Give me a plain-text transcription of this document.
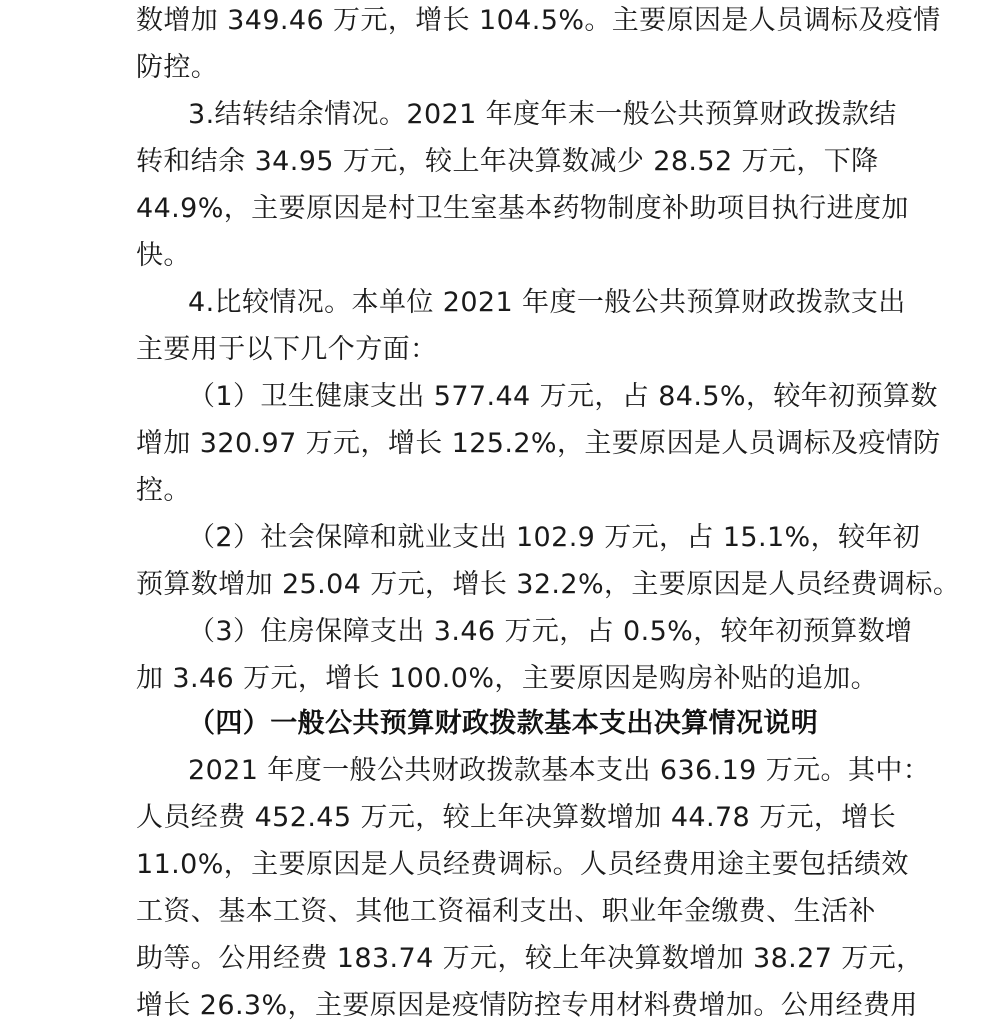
数增加 349.46 万元，增长 104.5%。主要原因是人员调标及疫情
防控。
3.结转结余情况。2021 年度年末一般公共预算财政拨款结
转和结余 34.95 万元，较上年决算数减少 28.52 万元，下降
44.9%，主要原因是村卫生室基本药物制度补助项目执行进度加
快。
4.比较情况。本单位 2021 年度一般公共预算财政拨款支出
主要用于以下几个方面：
（1）卫生健康支出 577.44 万元，占 84.5%，较年初预算数
增加 320.97 万元，增长 125.2%，主要原因是人员调标及疫情防
控。
（2）社会保障和就业支出 102.9 万元，占 15.1%，较年初
预算数增加 25.04 万元，增长 32.2%，主要原因是人员经费调标。
（3）住房保障支出 3.46 万元，占 0.5%，较年初预算数增
加 3.46 万元，增长 100.0%，主要原因是购房补贴的追加。
（四）一般公共预算财政拨款基本支出决算情况说明
2021 年度一般公共财政拨款基本支出 636.19 万元。其中：
人员经费 452.45 万元，较上年决算数增加 44.78 万元，增长
11.0%，主要原因是人员经费调标。人员经费用途主要包括绩效
工资、基本工资、其他工资福利支出、职业年金缴费、生活补
助等。公用经费 183.74 万元，较上年决算数增加 38.27 万元，
增长 26.3%，主要原因是疫情防控专用材料费增加。公用经费用
